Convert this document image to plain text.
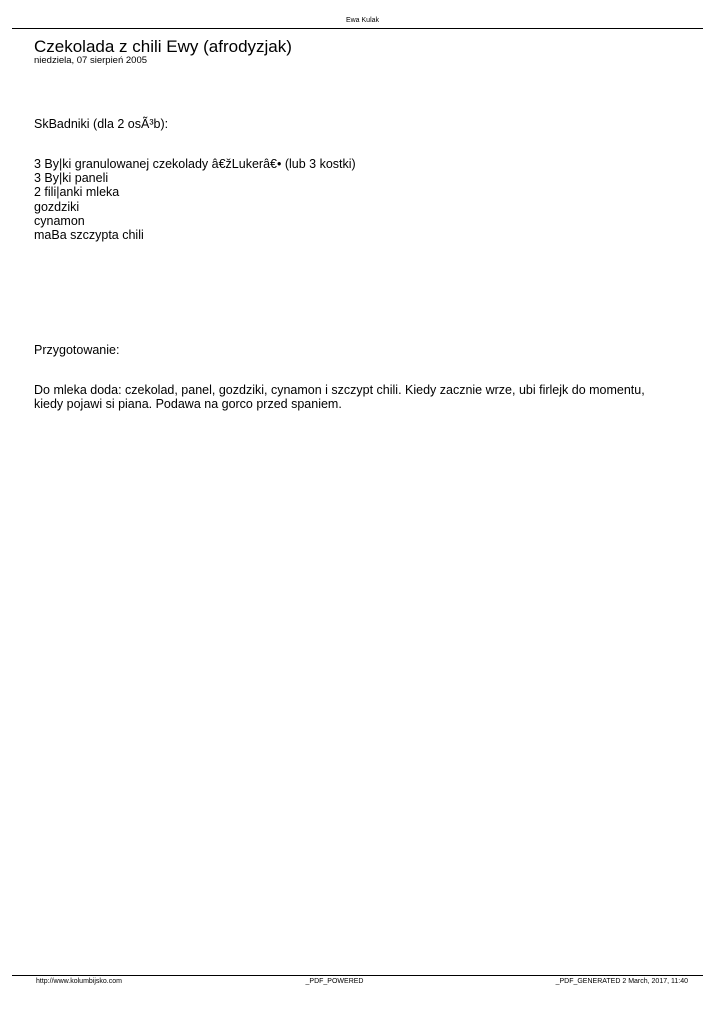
Ewa Kulak
Czekolada z chili Ewy (afrodyzjak)
niedziela, 07 sierpień 2005
SkBadniki (dla 2 osÃ³b):
3 By|ki granulowanej czekolady â€žLukerâ€• (lub 3 kostki)
3 By|ki paneli
2 fili|anki mleka
gozdziki
cynamon
maBa szczypta chili
Przygotowanie:
Do mleka doda: czekolad, panel, gozdziki, cynamon i szczypt chili. Kiedy zacznie wrze, ubi firlejk do momentu, kiedy pojawi si piana. Podawa na gorco przed spaniem.
http://www.kolumbijsko.com	_PDF_POWERED	_PDF_GENERATED 2 March, 2017, 11:40
